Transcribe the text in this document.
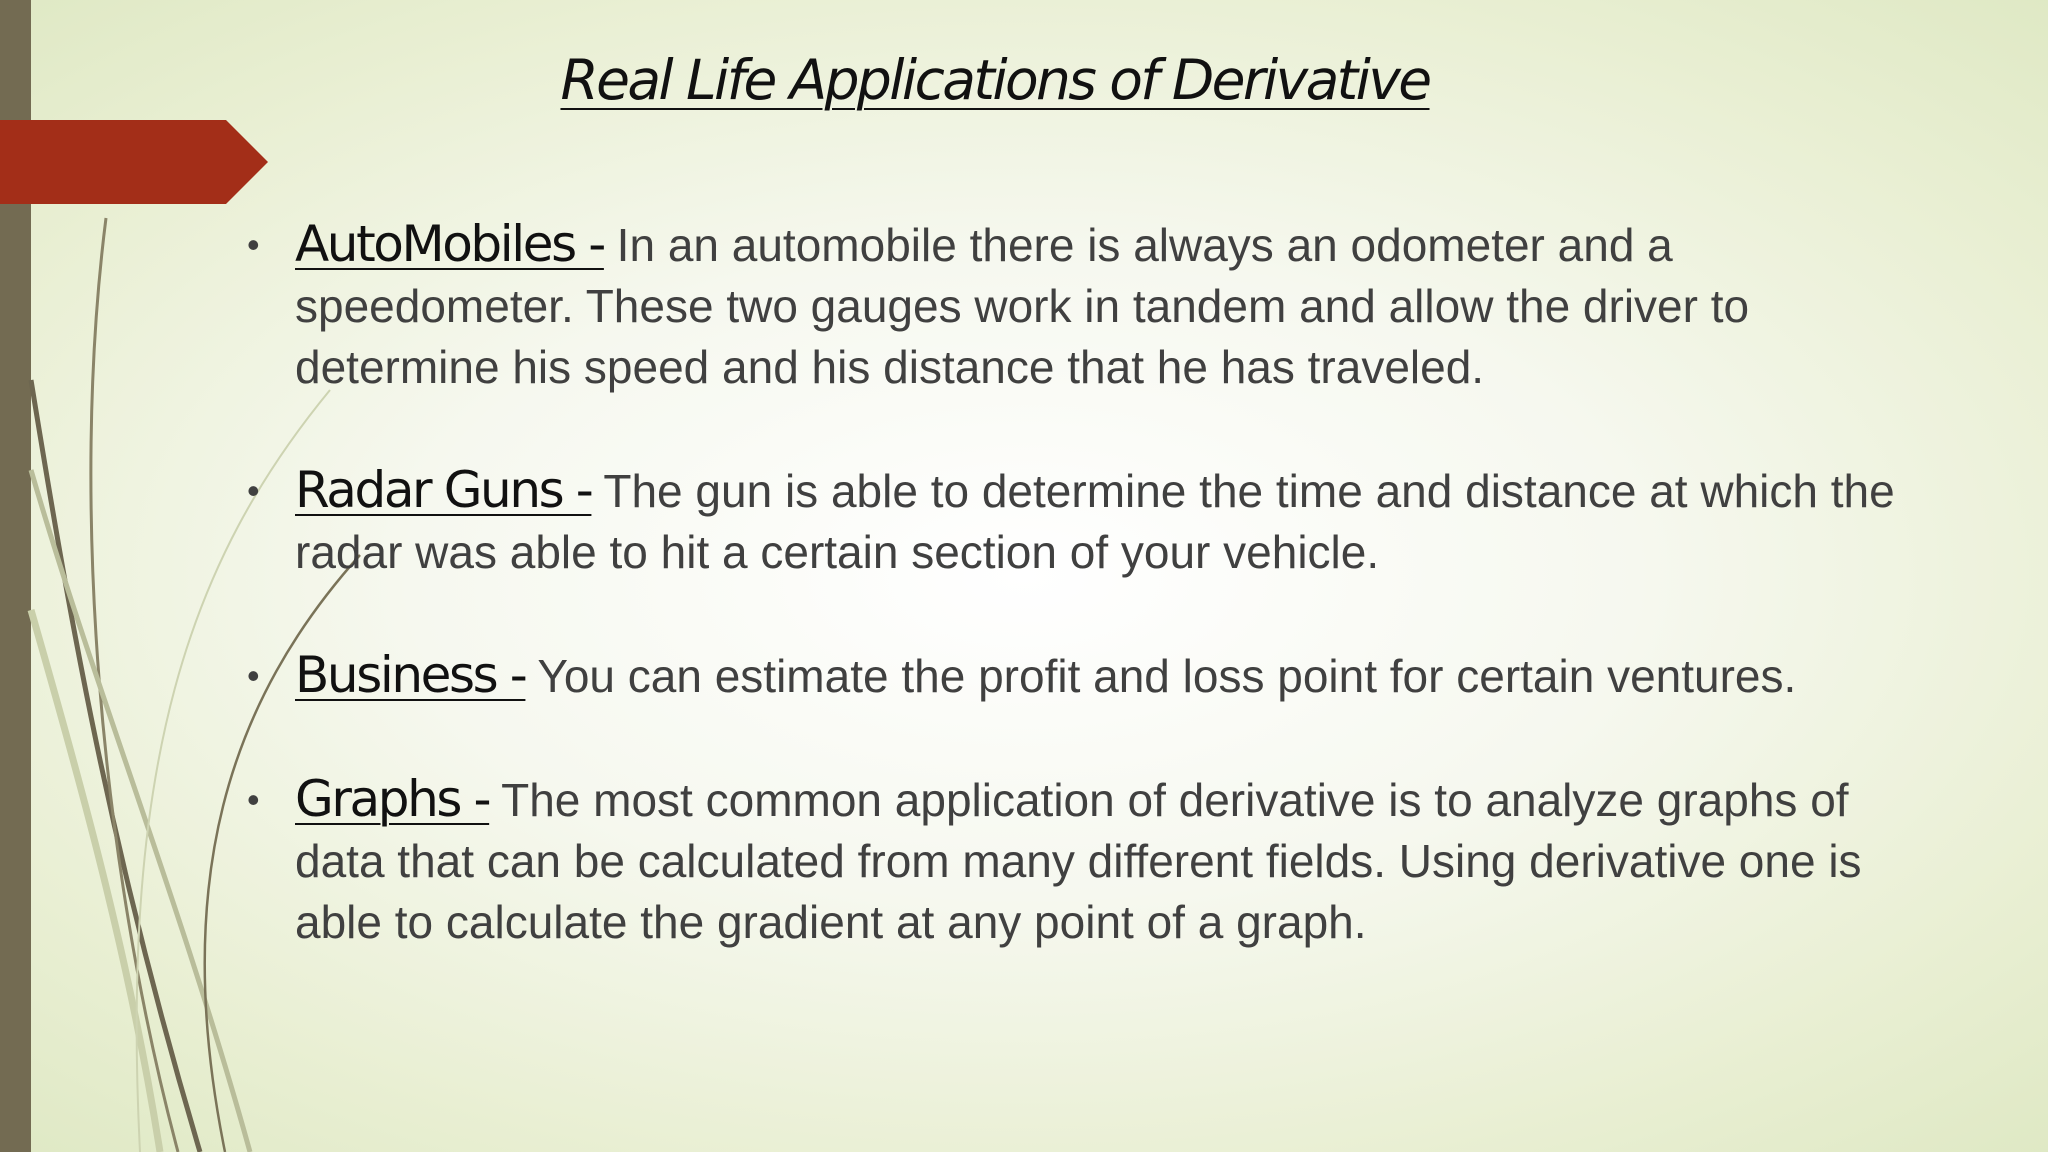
Real Life Applications of Derivative
• AutoMobiles - In an automobile there is always an odometer and a speedometer. These two gauges work in tandem and allow the driver to determine his speed and his distance that he has traveled.
• Radar Guns - The gun is able to determine the time and distance at which the radar was able to hit a certain section of your vehicle.
• Business - You can estimate the profit and loss point for certain ventures.
• Graphs - The most common application of derivative is to analyze graphs of data that can be calculated from many different fields. Using derivative one is able to calculate the gradient at any point of a graph.
